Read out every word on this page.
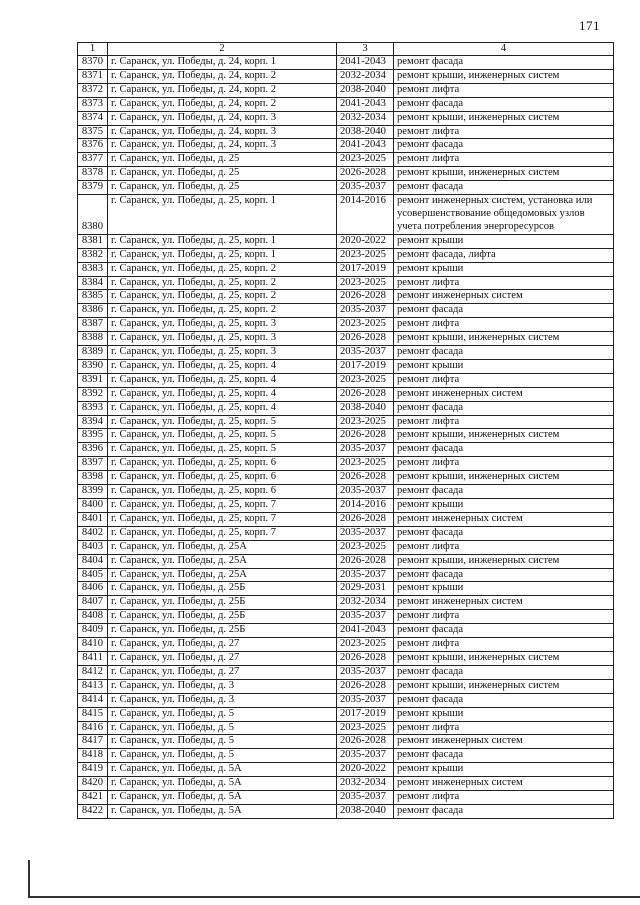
171
1	2	3	4
8370	г. Саранск, ул. Победы, д. 24, корп. 1	2041-2043	ремонт фасада
8371	г. Саранск, ул. Победы, д. 24, корп. 2	2032-2034	ремонт крыши, инженерных систем
8372	г. Саранск, ул. Победы, д. 24, корп. 2	2038-2040	ремонт лифта
8373	г. Саранск, ул. Победы, д. 24, корп. 2	2041-2043	ремонт фасада
8374	г. Саранск, ул. Победы, д. 24, корп. 3	2032-2034	ремонт крыши, инженерных систем
8375	г. Саранск, ул. Победы, д. 24, корп. 3	2038-2040	ремонт лифта
8376	г. Саранск, ул. Победы, д. 24, корп. 3	2041-2043	ремонт фасада
8377	г. Саранск, ул. Победы, д. 25	2023-2025	ремонт лифта
8378	г. Саранск, ул. Победы, д. 25	2026-2028	ремонт крыши, инженерных систем
8379	г. Саранск, ул. Победы, д. 25	2035-2037	ремонт фасада
8380	г. Саранск, ул. Победы, д. 25, корп. 1	2014-2016	ремонт инженерных систем, установка или усовершенствование общедомовых узлов учета потребления энергоресурсов
8381	г. Саранск, ул. Победы, д. 25, корп. 1	2020-2022	ремонт крыши
8382	г. Саранск, ул. Победы, д. 25, корп. 1	2023-2025	ремонт фасада, лифта
8383	г. Саранск, ул. Победы, д. 25, корп. 2	2017-2019	ремонт крыши
8384	г. Саранск, ул. Победы, д. 25, корп. 2	2023-2025	ремонт лифта
8385	г. Саранск, ул. Победы, д. 25, корп. 2	2026-2028	ремонт инженерных систем
8386	г. Саранск, ул. Победы, д. 25, корп. 2	2035-2037	ремонт фасада
8387	г. Саранск, ул. Победы, д. 25, корп. 3	2023-2025	ремонт лифта
8388	г. Саранск, ул. Победы, д. 25, корп. 3	2026-2028	ремонт крыши, инженерных систем
8389	г. Саранск, ул. Победы, д. 25, корп. 3	2035-2037	ремонт фасада
8390	г. Саранск, ул. Победы, д. 25, корп. 4	2017-2019	ремонт крыши
8391	г. Саранск, ул. Победы, д. 25, корп. 4	2023-2025	ремонт лифта
8392	г. Саранск, ул. Победы, д. 25, корп. 4	2026-2028	ремонт инженерных систем
8393	г. Саранск, ул. Победы, д. 25, корп. 4	2038-2040	ремонт фасада
8394	г. Саранск, ул. Победы, д. 25, корп. 5	2023-2025	ремонт лифта
8395	г. Саранск, ул. Победы, д. 25, корп. 5	2026-2028	ремонт крыши, инженерных систем
8396	г. Саранск, ул. Победы, д. 25, корп. 5	2035-2037	ремонт фасада
8397	г. Саранск, ул. Победы, д. 25, корп. 6	2023-2025	ремонт лифта
8398	г. Саранск, ул. Победы, д. 25, корп. 6	2026-2028	ремонт крыши, инженерных систем
8399	г. Саранск, ул. Победы, д. 25, корп. 6	2035-2037	ремонт фасада
8400	г. Саранск, ул. Победы, д. 25, корп. 7	2014-2016	ремонт крыши
8401	г. Саранск, ул. Победы, д. 25, корп. 7	2026-2028	ремонт инженерных систем
8402	г. Саранск, ул. Победы, д. 25, корп. 7	2035-2037	ремонт фасада
8403	г. Саранск, ул. Победы, д. 25А	2023-2025	ремонт лифта
8404	г. Саранск, ул. Победы, д. 25А	2026-2028	ремонт крыши, инженерных систем
8405	г. Саранск, ул. Победы, д. 25А	2035-2037	ремонт фасада
8406	г. Саранск, ул. Победы, д. 25Б	2029-2031	ремонт крыши
8407	г. Саранск, ул. Победы, д. 25Б	2032-2034	ремонт инженерных систем
8408	г. Саранск, ул. Победы, д. 25Б	2035-2037	ремонт лифта
8409	г. Саранск, ул. Победы, д. 25Б	2041-2043	ремонт фасада
8410	г. Саранск, ул. Победы, д. 27	2023-2025	ремонт лифта
8411	г. Саранск, ул. Победы, д. 27	2026-2028	ремонт крыши, инженерных систем
8412	г. Саранск, ул. Победы, д. 27	2035-2037	ремонт фасада
8413	г. Саранск, ул. Победы, д. 3	2026-2028	ремонт крыши, инженерных систем
8414	г. Саранск, ул. Победы, д. 3	2035-2037	ремонт фасада
8415	г. Саранск, ул. Победы, д. 5	2017-2019	ремонт крыши
8416	г. Саранск, ул. Победы, д. 5	2023-2025	ремонт лифта
8417	г. Саранск, ул. Победы, д. 5	2026-2028	ремонт инженерных систем
8418	г. Саранск, ул. Победы, д. 5	2035-2037	ремонт фасада
8419	г. Саранск, ул. Победы, д. 5А	2020-2022	ремонт крыши
8420	г. Саранск, ул. Победы, д. 5А	2032-2034	ремонт инженерных систем
8421	г. Саранск, ул. Победы, д. 5А	2035-2037	ремонт лифта
8422	г. Саранск, ул. Победы, д. 5А	2038-2040	ремонт фасада
